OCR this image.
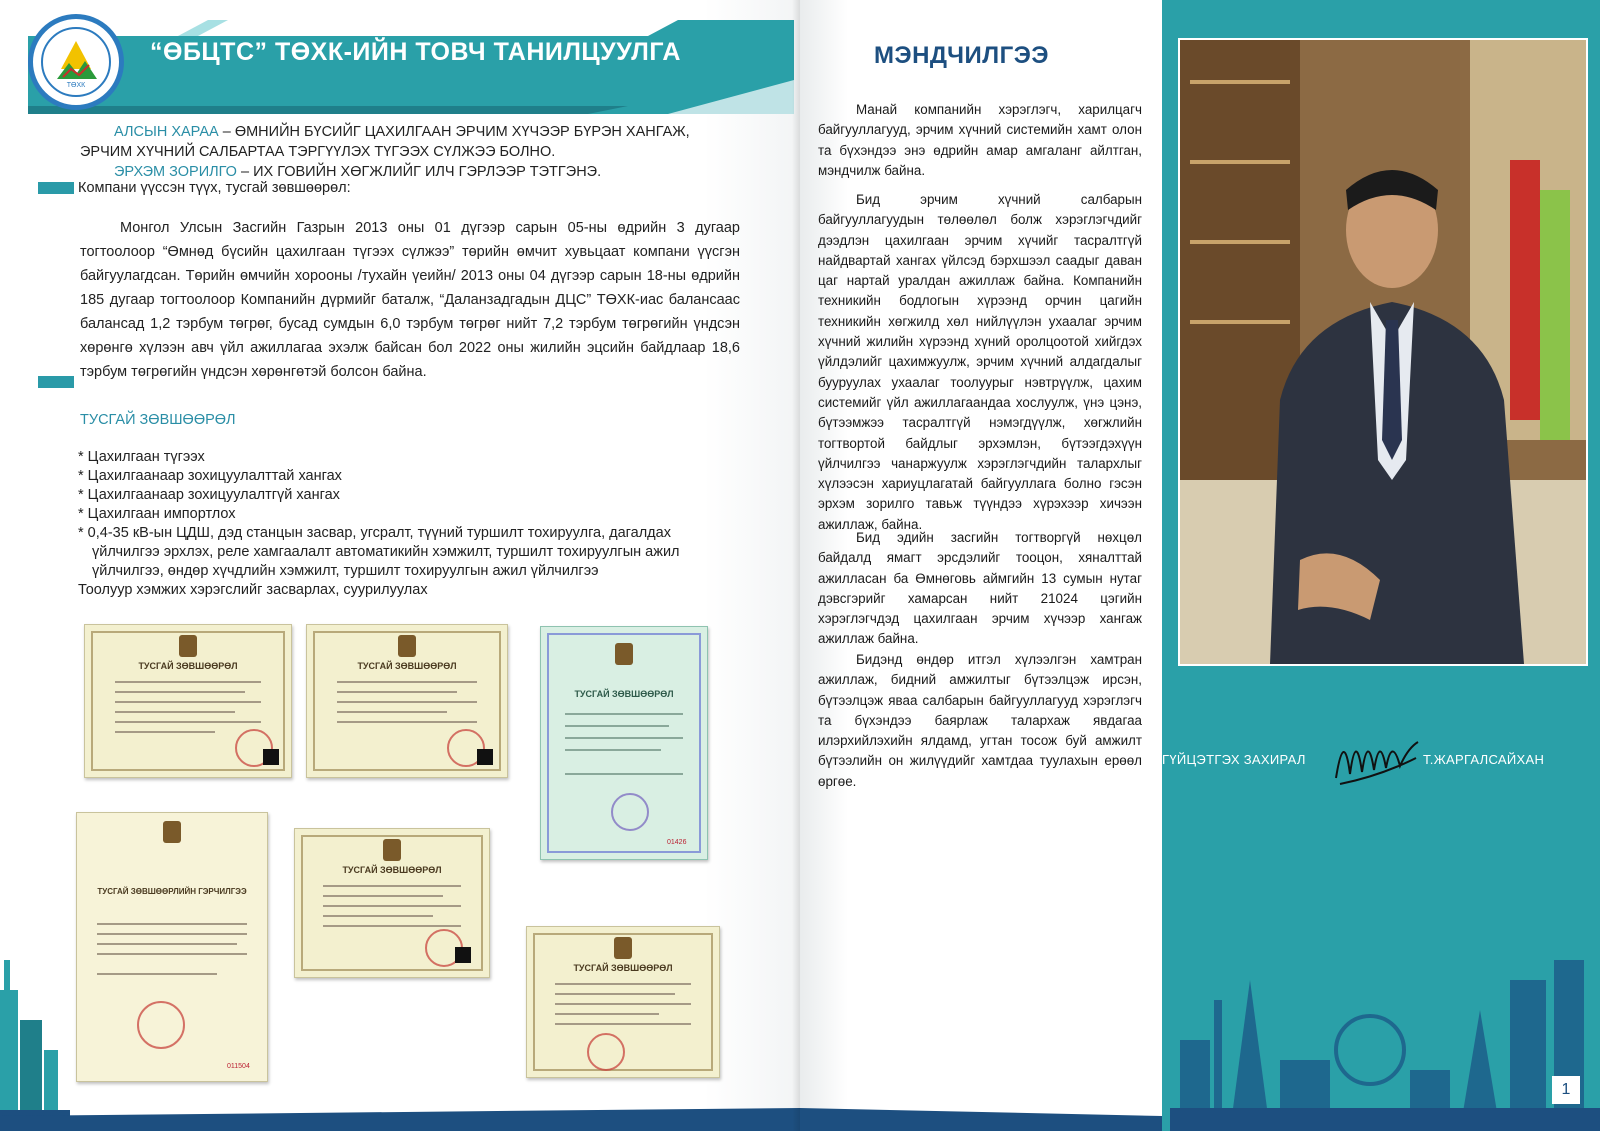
ТӨХК
“ӨБЦТС” ТӨХК-ИЙН ТОВЧ ТАНИЛЦУУЛГА
АЛСЫН ХАРАА – ӨМНИЙН БҮСИЙГ ЦАХИЛГААН ЭРЧИМ ХҮЧЭЭР БҮРЭН ХАНГАЖ, ЭРЧИМ ХҮЧНИЙ САЛБАРТАА ТЭРГҮҮЛЭХ ТҮГЭЭХ СҮЛЖЭЭ БОЛНО.
ЭРХЭМ ЗОРИЛГО – ИХ ГОВИЙН ХӨГЖЛИЙГ ИЛЧ ГЭРЛЭЭР ТЭТГЭНЭ.
Компани үүссэн түүх, тусгай зөвшөөрөл:
Монгол Улсын Засгийн Газрын 2013 оны 01 дүгээр сарын 05-ны өдрийн 3 дугаар тогтоолоор “Өмнөд бүсийн цахилгаан түгээх сүлжээ” төрийн өмчит хувьцаат компани үүсгэн байгуулагдсан. Төрийн өмчийн хорооны /тухайн үеийн/ 2013 оны 04 дүгээр сарын 18-ны өдрийн 185 дугаар тогтоолоор Компанийн дүрмийг баталж, “Даланзадгадын ДЦС” ТӨХК-иас балансаас балансад 1,2 тэрбум төгрөг, бусад сумдын 6,0 тэрбум төгрөг нийт 7,2 тэрбум төгрөгийн үндсэн хөрөнгө хүлээн авч үйл ажиллагаа эхэлж байсан бол 2022 оны жилийн эцсийн байдлаар 18,6 тэрбум төгрөгийн үндсэн хөрөнгөтэй болсон байна.
ТУСГАЙ ЗӨВШӨӨРӨЛ
* Цахилгаан түгээх
* Цахилгаанаар зохицуулалттай хангах
* Цахилгаанаар зохицуулалтгүй хангах
* Цахилгаан импортлох
* 0,4-35 кВ-ын ЦДШ, дэд станцын засвар, угсралт, түүний туршилт тохируулга, дагалдах
үйлчилгээ эрхлэх, реле хамгаалалт автоматикийн хэмжилт, туршилт тохируулгын ажил үйлчилгээ, өндөр хүчдлийн хэмжилт, туршилт тохируулгын ажил үйлчилгээ
Тоолуур хэмжих хэрэгслийг засварлах, суурилуулах
ТУСГАЙ ЗӨВШӨӨРӨЛ	ТУСГАЙ ЗӨВШӨӨРӨЛ
ТУСГАЙ ЗӨВШӨӨРӨЛ
01426
ТУСГАЙ ЗӨВШӨӨРЛИЙН ГЭРЧИЛГЭЭ
011504
ТУСГАЙ ЗӨВШӨӨРӨЛ
ТУСГАЙ ЗӨВШӨӨРӨЛ
МЭНДЧИЛГЭЭ
Манай компанийн хэрэглэгч, харилцагч байгууллагууд, эрчим хүчний системийн хамт олон та бүхэндээ энэ өдрийн амар амгаланг айлтган, мэндчилж байна.
Бид эрчим хүчний салбарын байгууллагуудын төлөөлөл болж хэрэглэгчдийг дээдлэн цахилгаан эрчим хүчийг тасралтгүй найдвартай хангах үйлсэд бэрхшээл саадыг даван цаг нартай уралдан ажиллаж байна. Компанийн техникийн бодлогын хүрээнд орчин цагийн техникийн хөгжилд хөл нийлүүлэн ухаалаг эрчим хүчний жилийн хүрээнд хүний оролцоотой хийгдэх үйлдэлийг цахимжуулж, эрчим хүчний алдагдалыг бууруулах ухаалаг тоолуурыг нэвтрүүлж, цахим системийг үйл ажиллагаандаа хослуулж, үнэ цэнэ, бүтээмжээ тасралтгүй нэмэгдүүлж, хөгжлийн тогтвортой байдлыг эрхэмлэн, бүтээгдэхүүн үйлчилгээ чанаржуулж хэрэглэгчдийн талархлыг хүлээсэн хариуцлагатай байгууллага болно гэсэн эрхэм зорилго тавьж түүндээ хүрэхээр хичээн ажиллаж, байна.
Бид эдийн засгийн тогтворгүй нөхцөл байдалд ямагт эрсдэлийг тооцон, хяналттай ажилласан ба Өмнөговь аймгийн 13 сумын нутаг дэвсгэрийг хамарсан нийт 21024 цэгийн хэрэглэгчдэд цахилгаан эрчим хүчээр хангаж ажиллаж байна.
Бидэнд өндөр итгэл хүлээлгэн хамтран ажиллаж, бидний амжилтыг бүтээлцэж ирсэн, бүтээлцэж яваа салбарын байгууллагууд хэрэглэгч та бүхэндээ баярлаж талархаж явдагаа илэрхийлэхийн ялдамд, угтан тосож буй амжилт бүтээлийн он жилүүдийг хамтдаа туулахын ерөөл өргөе.
ГҮЙЦЭТГЭХ ЗАХИРАЛ	Т.ЖАРГАЛСАЙХАН
1
